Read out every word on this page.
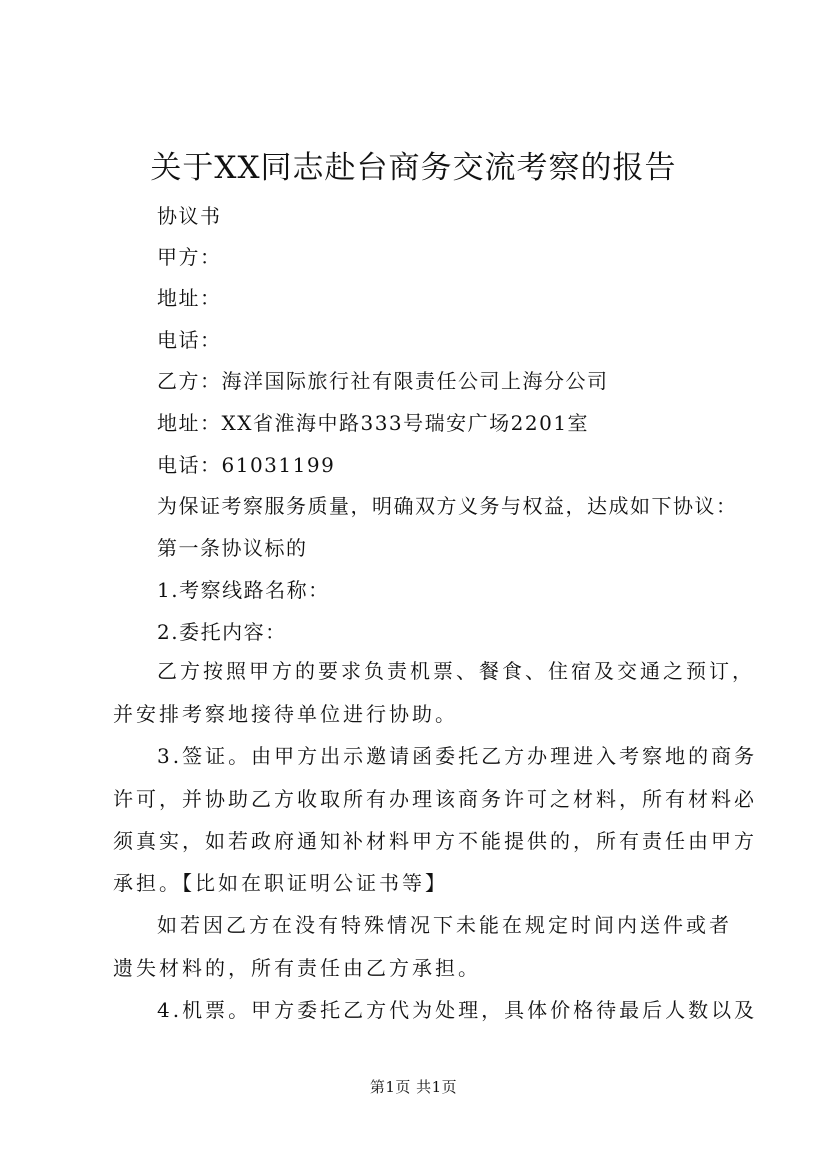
关于XX同志赴台商务交流考察的报告
协议书
甲方：
地址：
电话：
乙方：海洋国际旅行社有限责任公司上海分公司
地址：XX省淮海中路333号瑞安广场2201室
电话：61031199
为保证考察服务质量，明确双方义务与权益，达成如下协议：
第一条协议标的
1.考察线路名称：
2.委托内容：
乙方按照甲方的要求负责机票、餐食、住宿及交通之预订，
并安排考察地接待单位进行协助。
3.签证。由甲方出示邀请函委托乙方办理进入考察地的商务
许可，并协助乙方收取所有办理该商务许可之材料，所有材料必
须真实，如若政府通知补材料甲方不能提供的，所有责任由甲方
承担。【比如在职证明公证书等】
如若因乙方在没有特殊情况下未能在规定时间内送件或者
遗失材料的，所有责任由乙方承担。
4.机票。甲方委托乙方代为处理，具体价格待最后人数以及
第1页 共1页
